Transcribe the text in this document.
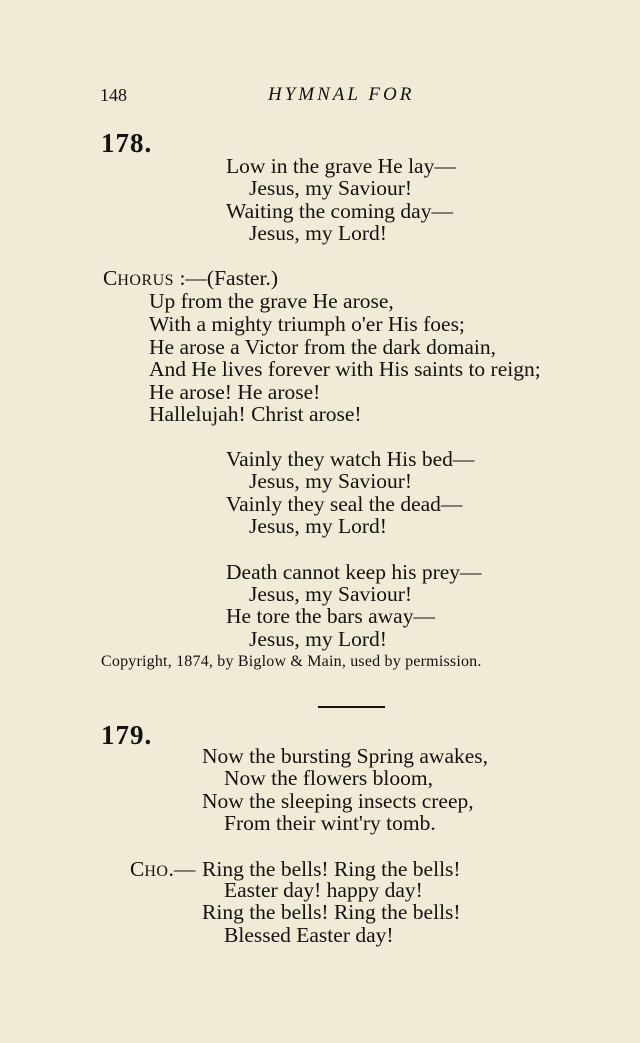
148	HYMNAL FOR
178.
Low in the grave He lay—
Jesus, my Saviour!
Waiting the coming day—
Jesus, my Lord!
CHORUS :—(Faster.)
Up from the grave He arose,
With a mighty triumph o'er His foes;
He arose a Victor from the dark domain,
And He lives forever with His saints to reign;
He arose! He arose!
Hallelujah! Christ arose!
Vainly they watch His bed—
Jesus, my Saviour!
Vainly they seal the dead—
Jesus, my Lord!
Death cannot keep his prey—
Jesus, my Saviour!
He tore the bars away—
Jesus, my Lord!
Copyright, 1874, by Biglow & Main, used by permission.
179.
Now the bursting Spring awakes,
Now the flowers bloom,
Now the sleeping insects creep,
From their wint'ry tomb.
CHO.— Ring the bells! Ring the bells!
Easter day! happy day!
Ring the bells! Ring the bells!
Blessed Easter day!
